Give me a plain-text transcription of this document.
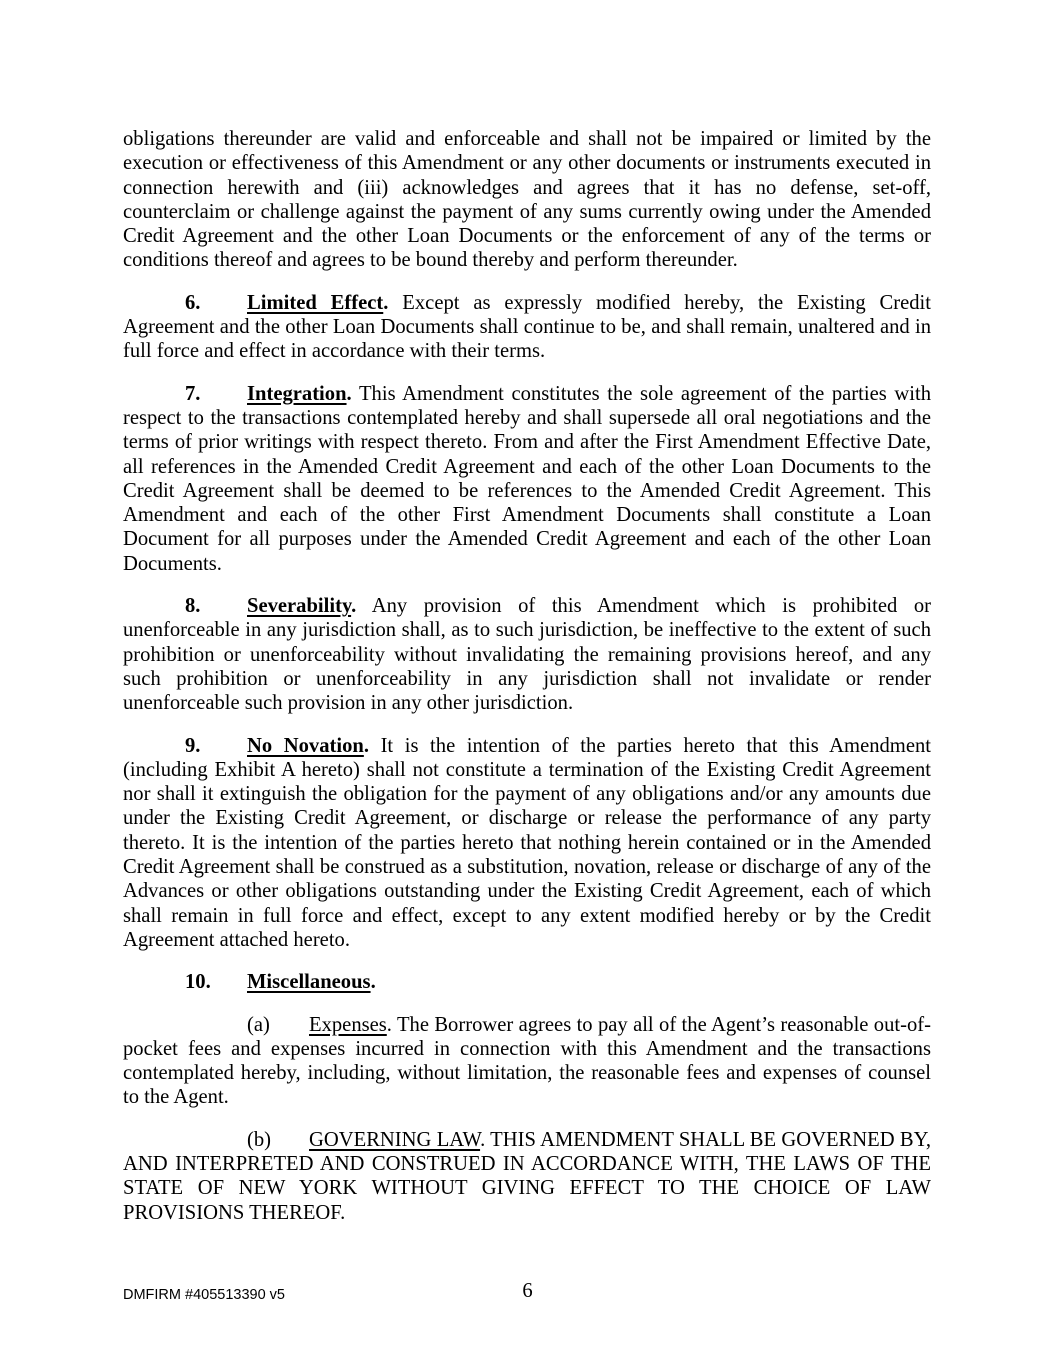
obligations thereunder are valid and enforceable and shall not be impaired or limited by the execution or effectiveness of this Amendment or any other documents or instruments executed in connection herewith and (iii) acknowledges and agrees that it has no defense, set-off, counterclaim or challenge against the payment of any sums currently owing under the Amended Credit Agreement and the other Loan Documents or the enforcement of any of the terms or conditions thereof and agrees to be bound thereby and perform thereunder.

6. Limited Effect. Except as expressly modified hereby, the Existing Credit Agreement and the other Loan Documents shall continue to be, and shall remain, unaltered and in full force and effect in accordance with their terms.

7. Integration. This Amendment constitutes the sole agreement of the parties with respect to the transactions contemplated hereby and shall supersede all oral negotiations and the terms of prior writings with respect thereto. From and after the First Amendment Effective Date, all references in the Amended Credit Agreement and each of the other Loan Documents to the Credit Agreement shall be deemed to be references to the Amended Credit Agreement. This Amendment and each of the other First Amendment Documents shall constitute a Loan Document for all purposes under the Amended Credit Agreement and each of the other Loan Documents.

8. Severability. Any provision of this Amendment which is prohibited or unenforceable in any jurisdiction shall, as to such jurisdiction, be ineffective to the extent of such prohibition or unenforceability without invalidating the remaining provisions hereof, and any such prohibition or unenforceability in any jurisdiction shall not invalidate or render unenforceable such provision in any other jurisdiction.

9. No Novation. It is the intention of the parties hereto that this Amendment (including Exhibit A hereto) shall not constitute a termination of the Existing Credit Agreement nor shall it extinguish the obligation for the payment of any obligations and/or any amounts due under the Existing Credit Agreement, or discharge or release the performance of any party thereto. It is the intention of the parties hereto that nothing herein contained or in the Amended Credit Agreement shall be construed as a substitution, novation, release or discharge of any of the Advances or other obligations outstanding under the Existing Credit Agreement, each of which shall remain in full force and effect, except to any extent modified hereby or by the Credit Agreement attached hereto.

10. Miscellaneous.

(a) Expenses. The Borrower agrees to pay all of the Agent’s reasonable out-of-pocket fees and expenses incurred in connection with this Amendment and the transactions contemplated hereby, including, without limitation, the reasonable fees and expenses of counsel to the Agent.

(b) GOVERNING LAW. THIS AMENDMENT SHALL BE GOVERNED BY, AND INTERPRETED AND CONSTRUED IN ACCORDANCE WITH, THE LAWS OF THE STATE OF NEW YORK WITHOUT GIVING EFFECT TO THE CHOICE OF LAW PROVISIONS THEREOF.

DMFIRM #405513390 v5	6
